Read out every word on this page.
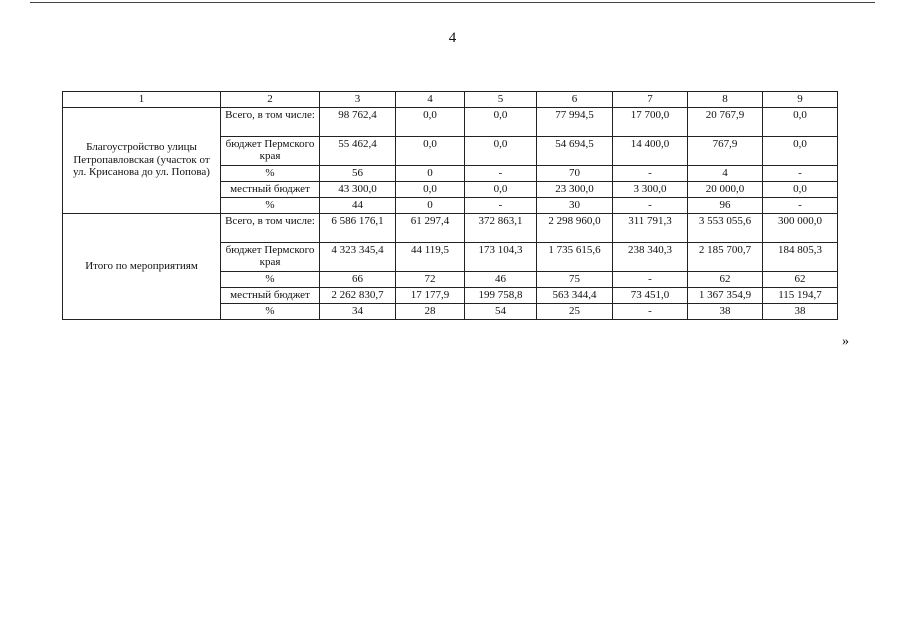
4
1	2	3	4	5	6	7	8	9
Благоустройство улицы Петропавловская (участок от ул. Крисанова до ул. Попова)	Всего, в том числе:	98 762,4	0,0	0,0	77 994,5	17 700,0	20 767,9	0,0
	бюджет Пермского края	55 462,4	0,0	0,0	54 694,5	14 400,0	767,9	0,0
	%	56	0	-	70	-	4	-
	местный бюджет	43 300,0	0,0	0,0	23 300,0	3 300,0	20 000,0	0,0
	%	44	0	-	30	-	96	-
Итого по мероприятиям	Всего, в том числе:	6 586 176,1	61 297,4	372 863,1	2 298 960,0	311 791,3	3 553 055,6	300 000,0
	бюджет Пермского края	4 323 345,4	44 119,5	173 104,3	1 735 615,6	238 340,3	2 185 700,7	184 805,3
	%	66	72	46	75	-	62	62
	местный бюджет	2 262 830,7	17 177,9	199 758,8	563 344,4	73 451,0	1 367 354,9	115 194,7
	%	34	28	54	25	-	38	38
»
